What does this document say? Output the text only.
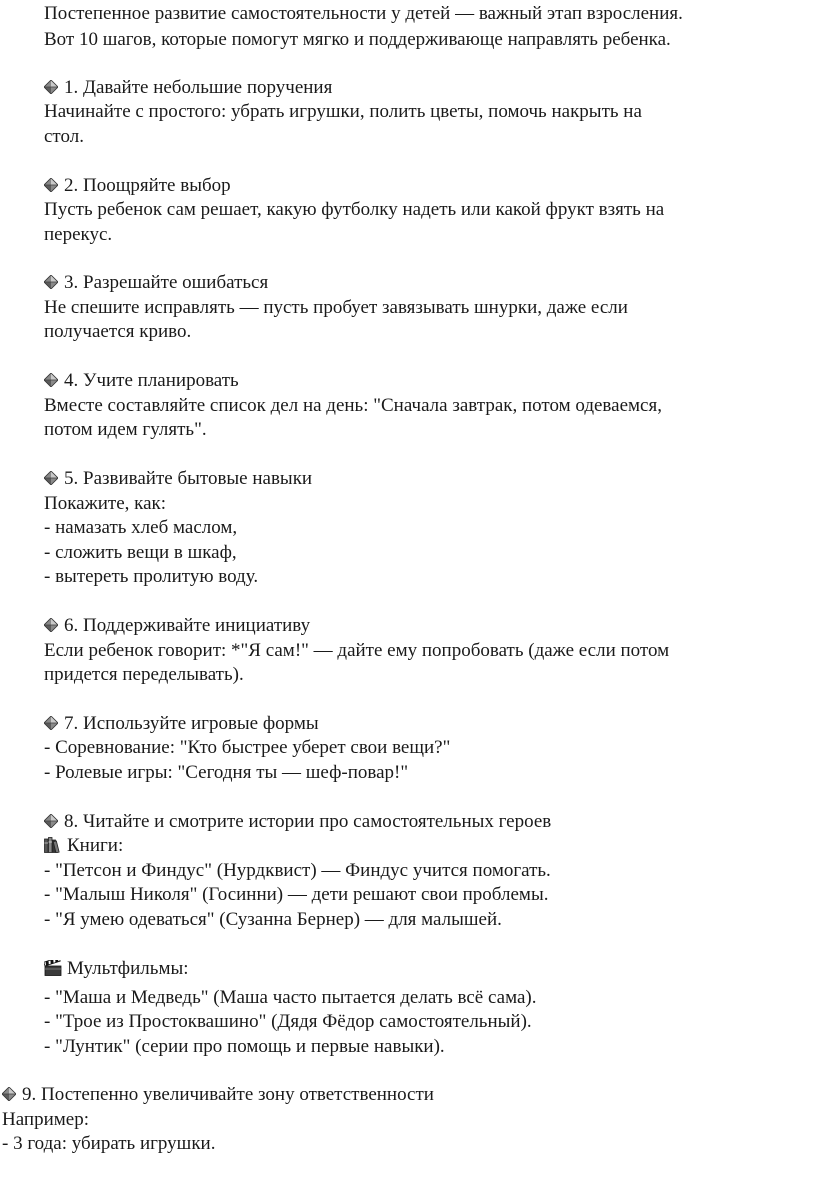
Постепенное развитие самостоятельности у детей — важный этап взросления.
Вот 10 шагов, которые помогут мягко и поддерживающе направлять ребенка.
1. Давайте небольшие поручения
Начинайте с простого: убрать игрушки, полить цветы, помочь накрыть на
стол.
2. Поощряйте выбор
Пусть ребенок сам решает, какую футболку надеть или какой фрукт взять на
перекус.
3. Разрешайте ошибаться
Не спешите исправлять — пусть пробует завязывать шнурки, даже если
получается криво.
4. Учите планировать
Вместе составляйте список дел на день: "Сначала завтрак, потом одеваемся,
потом идем гулять".
5. Развивайте бытовые навыки
Покажите, как:
- намазать хлеб маслом,
- сложить вещи в шкаф,
- вытереть пролитую воду.
6. Поддерживайте инициативу
Если ребенок говорит: *"Я сам!" — дайте ему попробовать (даже если потом
придется переделывать).
7. Используйте игровые формы
- Соревнование: "Кто быстрее уберет свои вещи?"
- Ролевые игры: "Сегодня ты — шеф-повар!"
8. Читайте и смотрите истории про самостоятельных героев
Книги:
- "Петсон и Финдус" (Нурдквист) — Финдус учится помогать.
- "Малыш Николя" (Госинни) — дети решают свои проблемы.
- "Я умею одеваться" (Сузанна Бернер) — для малышей.
Мультфильмы:
- "Маша и Медведь" (Маша часто пытается делать всё сама).
- "Трое из Простоквашино" (Дядя Фёдор самостоятельный).
- "Лунтик" (серии про помощь и первые навыки).
9. Постепенно увеличивайте зону ответственности
Например:
- 3 года: убирать игрушки.
